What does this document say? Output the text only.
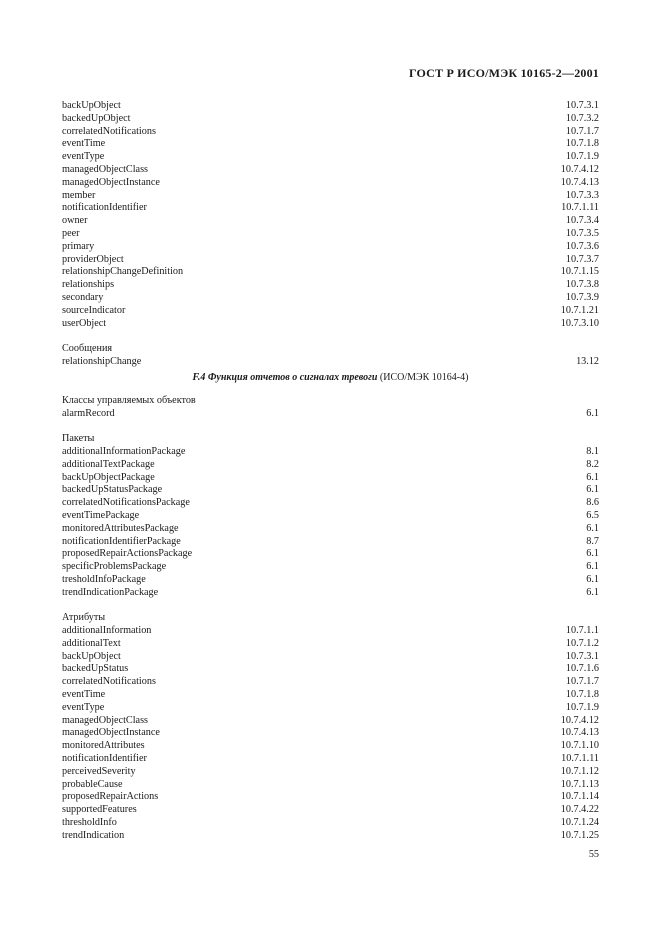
ГОСТ Р ИСО/МЭК 10165-2—2001
backUpObject	10.7.3.1
backedUpObject	10.7.3.2
correlatedNotifications	10.7.1.7
eventTime	10.7.1.8
eventType	10.7.1.9
managedObjectClass	10.7.4.12
managedObjectInstance	10.7.4.13
member	10.7.3.3
notificationIdentifier	10.7.1.11
owner	10.7.3.4
peer	10.7.3.5
primary	10.7.3.6
providerObject	10.7.3.7
relationshipChangeDefinition	10.7.1.15
relationships	10.7.3.8
secondary	10.7.3.9
sourceIndicator	10.7.1.21
userObject	10.7.3.10
Сообщения
relationshipChange	13.12
F.4 Функция отчетов о сигналах тревоги (ИСО/МЭК 10164-4)
Классы управляемых объектов
alarmRecord	6.1
Пакеты
additionalInformationPackage	8.1
additionalTextPackage	8.2
backUpObjectPackage	6.1
backedUpStatusPackage	6.1
correlatedNotificationsPackage	8.6
eventTimePackage	6.5
monitoredAttributesPackage	6.1
notificationIdentifierPackage	8.7
proposedRepairActionsPackage	6.1
specificProblemsPackage	6.1
tresholdInfoPackage	6.1
trendIndicationPackage	6.1
Атрибуты
additionalInformation	10.7.1.1
additionalText	10.7.1.2
backUpObject	10.7.3.1
backedUpStatus	10.7.1.6
correlatedNotifications	10.7.1.7
eventTime	10.7.1.8
eventType	10.7.1.9
managedObjectClass	10.7.4.12
managedObjectInstance	10.7.4.13
monitoredAttributes	10.7.1.10
notificationIdentifier	10.7.1.11
perceivedSeverity	10.7.1.12
probableCause	10.7.1.13
proposedRepairActions	10.7.1.14
supportedFeatures	10.7.4.22
thresholdInfo	10.7.1.24
trendIndication	10.7.1.25
55
